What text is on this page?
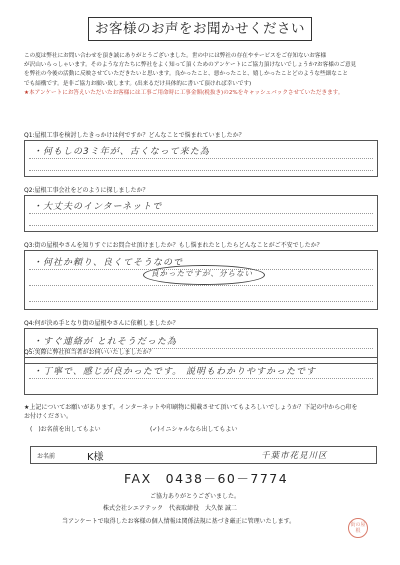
お客様のお声をお聞かせください
この度は弊社にお問い合わせを頂き誠にありがとうございました。世の中には弊社の存在やサービスをご存知ないお客様
が沢山いらっしゃいます。そのような方たちに弊社をよく知って頂くためのアンケートにご協力頂けないでしょうか?お客様のご意見
を弊社の今後の活動に反映させていただきたいと思います。良かったこと、悪かったこと、嬉しかったことどのような些細なこと
でも結構です。是非ご協力お願い致します。(出来るだけ具体的に書いて頂ければ幸いです)
★本アンケートにお答えいただいたお客様には工事ご用命時に工事金額(税抜き)の2%をキャッシュバックさせていただきます。
Q1:屋根工事を検討したきっかけは何ですか？どんなことで悩まれていましたか？
・何もしの3ミ年が、古くなって来た為
Q2:屋根工事会社をどのように探しましたか？
・大丈夫のインターネットで
Q3:街の屋根やさんを知りすぐにお問合せ頂けましたか？もし悩まれたとしたらどんなことがご不安でしたか？
・何社か頼り、良くてそうなので
良かったですが、分らない
Q4:何が決め手となり街の屋根やさんに依頼しましたか？
・すぐ連絡が とれそうだった為
Q5:実際に弊社担当者がお伺いいたしましたか？
・丁寧で、感じが良かったです。 説明もわかりやすかったです
★上記についてお願いがあります。インターネットや印刷物に掲載させて頂いてもよろしいでしょうか？下記の中から○印を
お付けください。
(　)お名前を出してもよい	(✓)イニシャルなら出してもよい
お名前	K様	千葉市花見川区
FAX　0438－60－7774
ご協力ありがとうございました。
株式会社シエアテック　代表取締役　大久保 誠二
当アンケートで取得したお客様の個人情報は関係法規に基づき厳正に管理いたします。	街の屋根
